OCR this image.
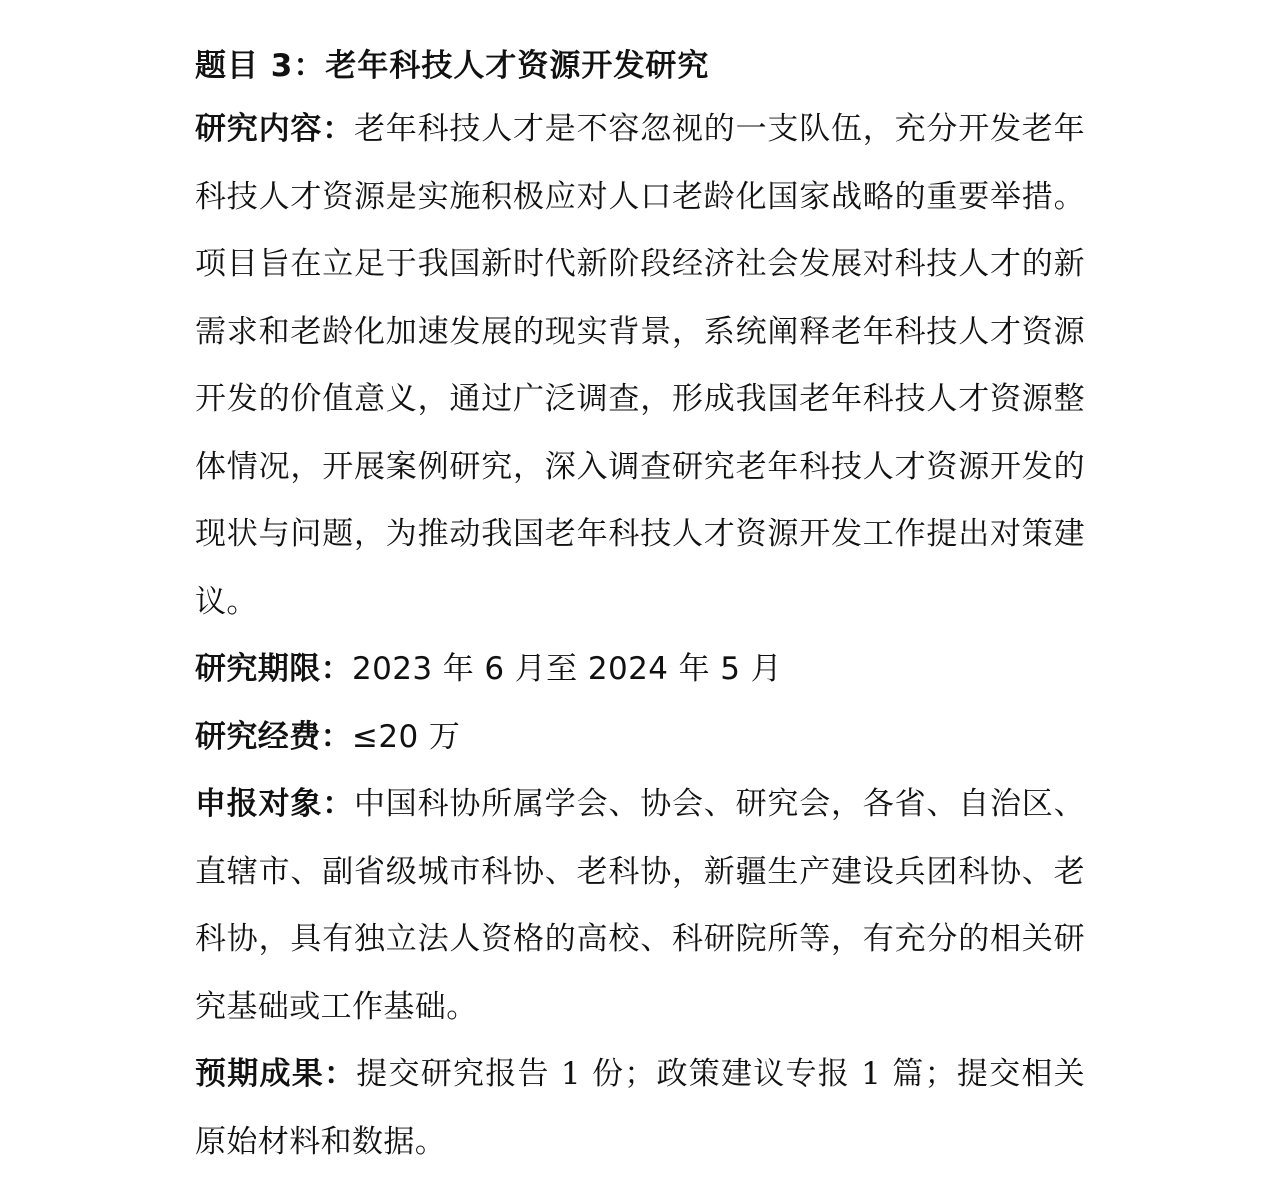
题目 3：老年科技人才资源开发研究

研究内容：老年科技人才是不容忽视的一支队伍，充分开发老年科技人才资源是实施积极应对人口老龄化国家战略的重要举措。项目旨在立足于我国新时代新阶段经济社会发展对科技人才的新需求和老龄化加速发展的现实背景，系统阐释老年科技人才资源开发的价值意义，通过广泛调查，形成我国老年科技人才资源整体情况，开展案例研究，深入调查研究老年科技人才资源开发的现状与问题，为推动我国老年科技人才资源开发工作提出对策建议。

研究期限：2023 年 6 月至 2024 年 5 月

研究经费：≤20 万

申报对象：中国科协所属学会、协会、研究会，各省、自治区、直辖市、副省级城市科协、老科协，新疆生产建设兵团科协、老科协，具有独立法人资格的高校、科研院所等，有充分的相关研究基础或工作基础。

预期成果：提交研究报告 1 份；政策建议专报 1 篇；提交相关原始材料和数据。
